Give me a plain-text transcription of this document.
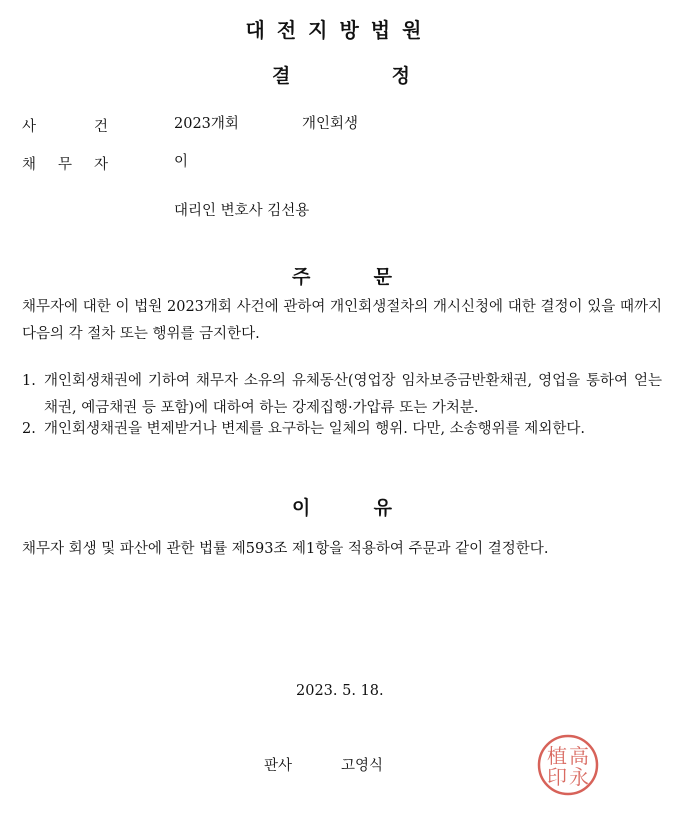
대전지방법원
결	정
사	건	2023개회	개인회생
채 무 자	이
대리인 변호사 김선용
주	문
채무자에 대한 이 법원 2023개회 사건에 관하여 개인회생절차의 개시신청에 대한 결정이 있을 때까지 다음의 각 절차 또는 행위를 금지한다.
1. 개인회생채권에 기하여 채무자 소유의 유체동산(영업장 임차보증금반환채권, 영업을 통하여 얻는 채권, 예금채권 등 포함)에 대하여 하는 강제집행·가압류 또는 가처분.
2. 개인회생채권을 변제받거나 변제를 요구하는 일체의 행위. 다만, 소송행위를 제외한다.
이	유
채무자 회생 및 파산에 관한 법률 제593조 제1항을 적용하여 주문과 같이 결정한다.
2023. 5. 18.
판사	고영식	高
永
植
印
